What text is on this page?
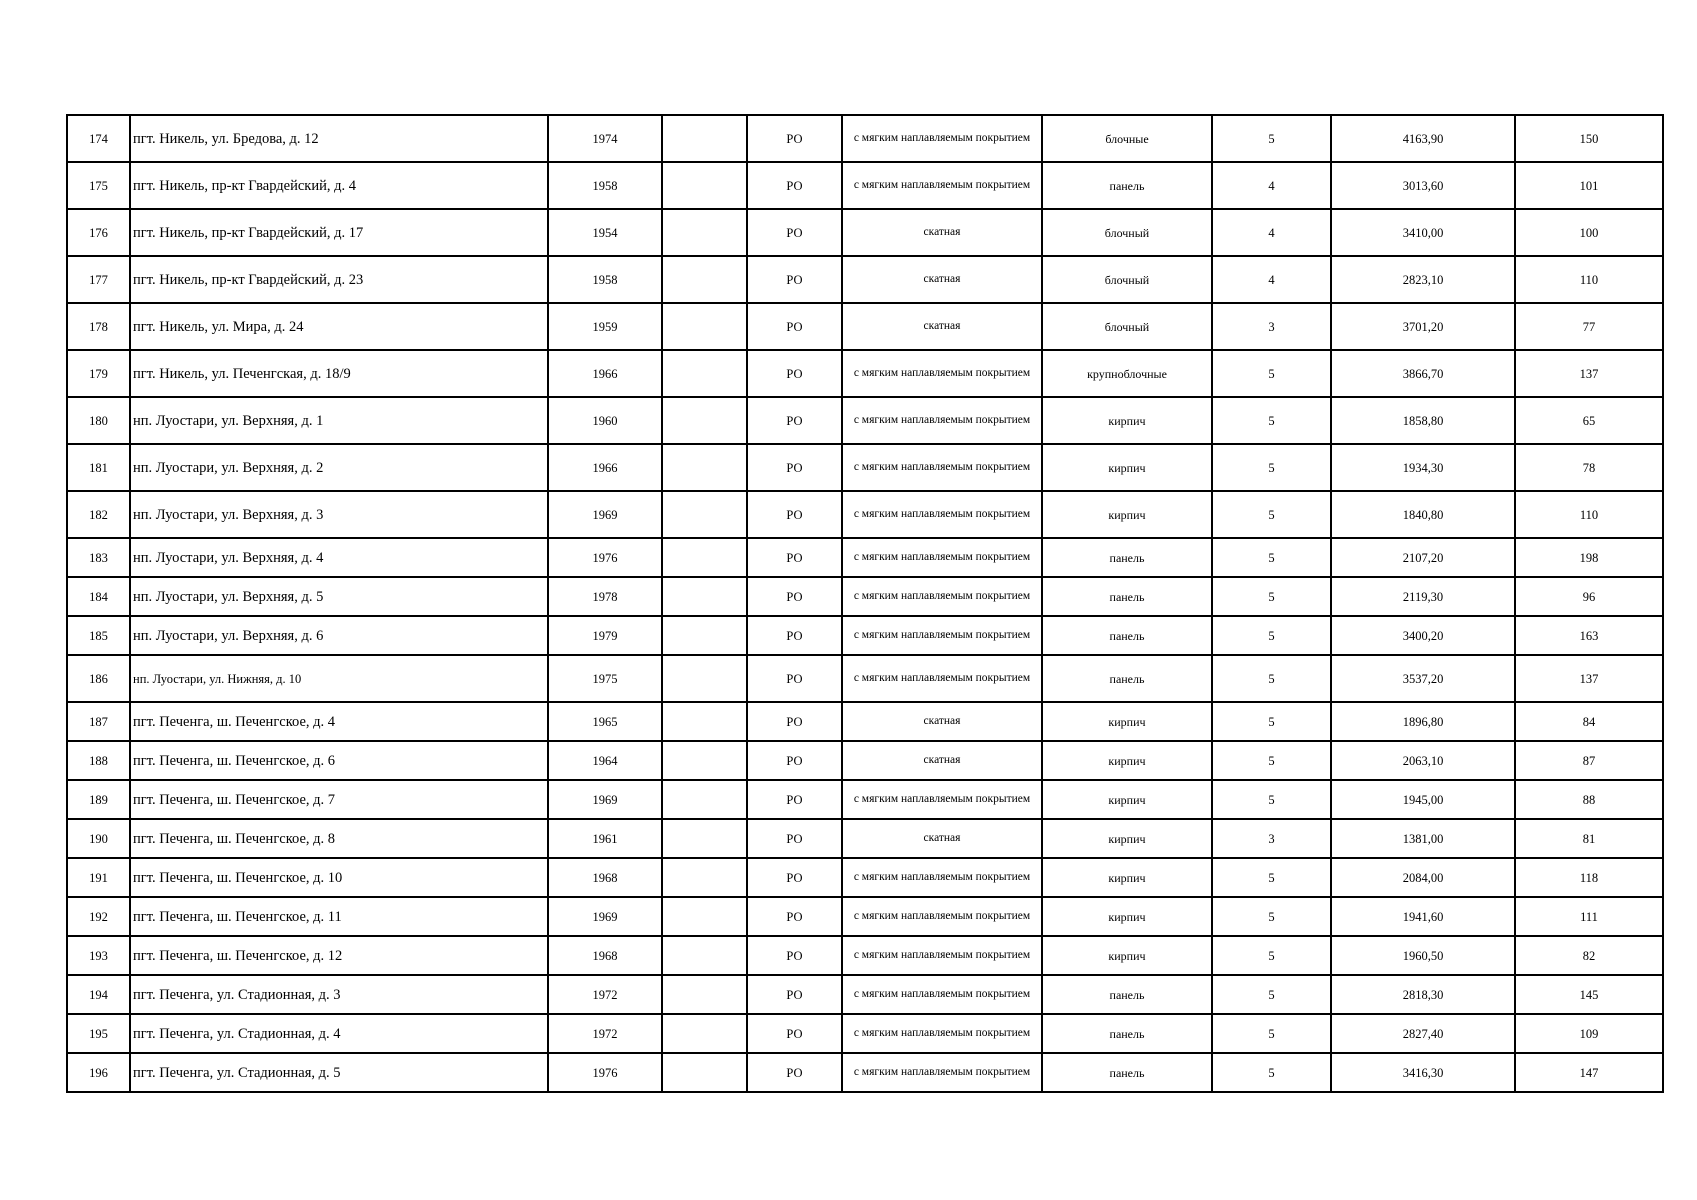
174	пгт. Никель, ул. Бредова, д. 12	1974		РО	с мягким наплавляемым покрытием	блочные	5	4163,90	150
175	пгт. Никель, пр-кт Гвардейский, д. 4	1958		РО	с мягким наплавляемым покрытием	панель	4	3013,60	101
176	пгт. Никель, пр-кт Гвардейский, д. 17	1954		РО	скатная	блочный	4	3410,00	100
177	пгт. Никель, пр-кт Гвардейский, д. 23	1958		РО	скатная	блочный	4	2823,10	110
178	пгт. Никель, ул. Мира, д. 24	1959		РО	скатная	блочный	3	3701,20	77
179	пгт. Никель, ул. Печенгская, д. 18/9	1966		РО	с мягким наплавляемым покрытием	крупноблочные	5	3866,70	137
180	нп. Луостари, ул. Верхняя, д. 1	1960		РО	с мягким наплавляемым покрытием	кирпич	5	1858,80	65
181	нп. Луостари, ул. Верхняя, д. 2	1966		РО	с мягким наплавляемым покрытием	кирпич	5	1934,30	78
182	нп. Луостари, ул. Верхняя, д. 3	1969		РО	с мягким наплавляемым покрытием	кирпич	5	1840,80	110
183	нп. Луостари, ул. Верхняя, д. 4	1976		РО	с мягким наплавляемым покрытием	панель	5	2107,20	198
184	нп. Луостари, ул. Верхняя, д. 5	1978		РО	с мягким наплавляемым покрытием	панель	5	2119,30	96
185	нп. Луостари, ул. Верхняя, д. 6	1979		РО	с мягким наплавляемым покрытием	панель	5	3400,20	163
186	нп. Луостари, ул. Нижняя, д. 10	1975		РО	с мягким наплавляемым покрытием	панель	5	3537,20	137
187	пгт. Печенга, ш. Печенгское, д. 4	1965		РО	скатная	кирпич	5	1896,80	84
188	пгт. Печенга, ш. Печенгское, д. 6	1964		РО	скатная	кирпич	5	2063,10	87
189	пгт. Печенга, ш. Печенгское, д. 7	1969		РО	с мягким наплавляемым покрытием	кирпич	5	1945,00	88
190	пгт. Печенга, ш. Печенгское, д. 8	1961		РО	скатная	кирпич	3	1381,00	81
191	пгт. Печенга, ш. Печенгское, д. 10	1968		РО	с мягким наплавляемым покрытием	кирпич	5	2084,00	118
192	пгт. Печенга, ш. Печенгское, д. 11	1969		РО	с мягким наплавляемым покрытием	кирпич	5	1941,60	111
193	пгт. Печенга, ш. Печенгское, д. 12	1968		РО	с мягким наплавляемым покрытием	кирпич	5	1960,50	82
194	пгт. Печенга, ул. Стадионная, д. 3	1972		РО	с мягким наплавляемым покрытием	панель	5	2818,30	145
195	пгт. Печенга, ул. Стадионная, д. 4	1972		РО	с мягким наплавляемым покрытием	панель	5	2827,40	109
196	пгт. Печенга, ул. Стадионная, д. 5	1976		РО	с мягким наплавляемым покрытием	панель	5	3416,30	147
